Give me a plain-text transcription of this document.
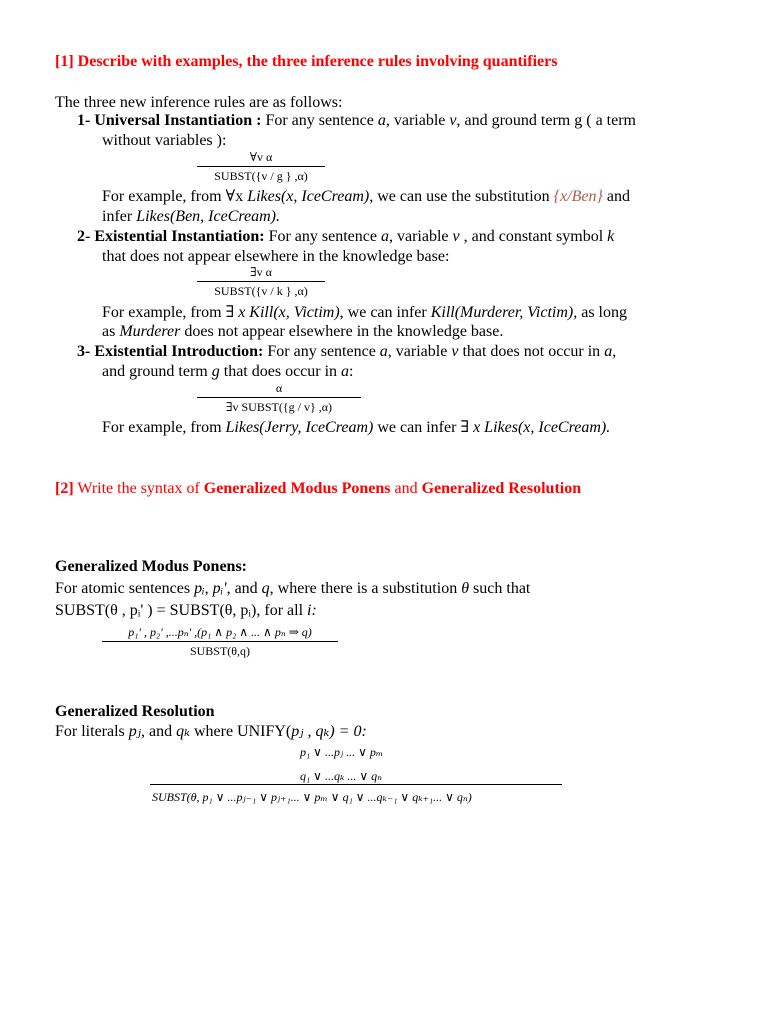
[1] Describe with examples, the three inference rules involving quantifiers
The three new inference rules are as follows:
1- Universal Instantiation : For any sentence a, variable v, and ground term g ( a term
without variables ):
∀v α
SUBST({v / g } ,α)
For example, from ∀x Likes(x, IceCream), we can use the substitution {x/Ben} and
infer Likes(Ben, IceCream).
2- Existential Instantiation: For any sentence a, variable v , and constant symbol k
that does not appear elsewhere in the knowledge base:
∃v α
SUBST({v / k } ,α)
For example, from ∃ x Kill(x, Victim), we can infer Kill(Murderer, Victim), as long
as Murderer does not appear elsewhere in the knowledge base.
3- Existential Introduction: For any sentence a, variable v that does not occur in a,
and ground term g that does occur in a:
α
∃v SUBST({g / v} ,α)
For example, from Likes(Jerry, IceCream) we can infer ∃ x Likes(x, IceCream).
[2] Write the syntax of Generalized Modus Ponens and Generalized Resolution
Generalized Modus Ponens:
For atomic sentences pᵢ, pᵢ', and q, where there is a substitution θ such that
SUBST(θ , pᵢ' ) = SUBST(θ, pᵢ), for all i:
p₁' , p₂' ,...pₙ' ,(p₁ ∧ p₂ ∧ ... ∧ pₙ ⇒ q)
SUBST(θ,q)
Generalized Resolution
For literals pⱼ, and qₖ where UNIFY(pⱼ , qₖ) = 0:
p₁ ∨ ...pⱼ ... ∨ pₘ
q₁ ∨ ...qₖ ... ∨ qₙ
SUBST(θ, p₁ ∨ ...pⱼ₋₁ ∨ pⱼ₊₁... ∨ pₘ ∨ q₁ ∨ ...qₖ₋₁ ∨ qₖ₊₁... ∨ qₙ)
